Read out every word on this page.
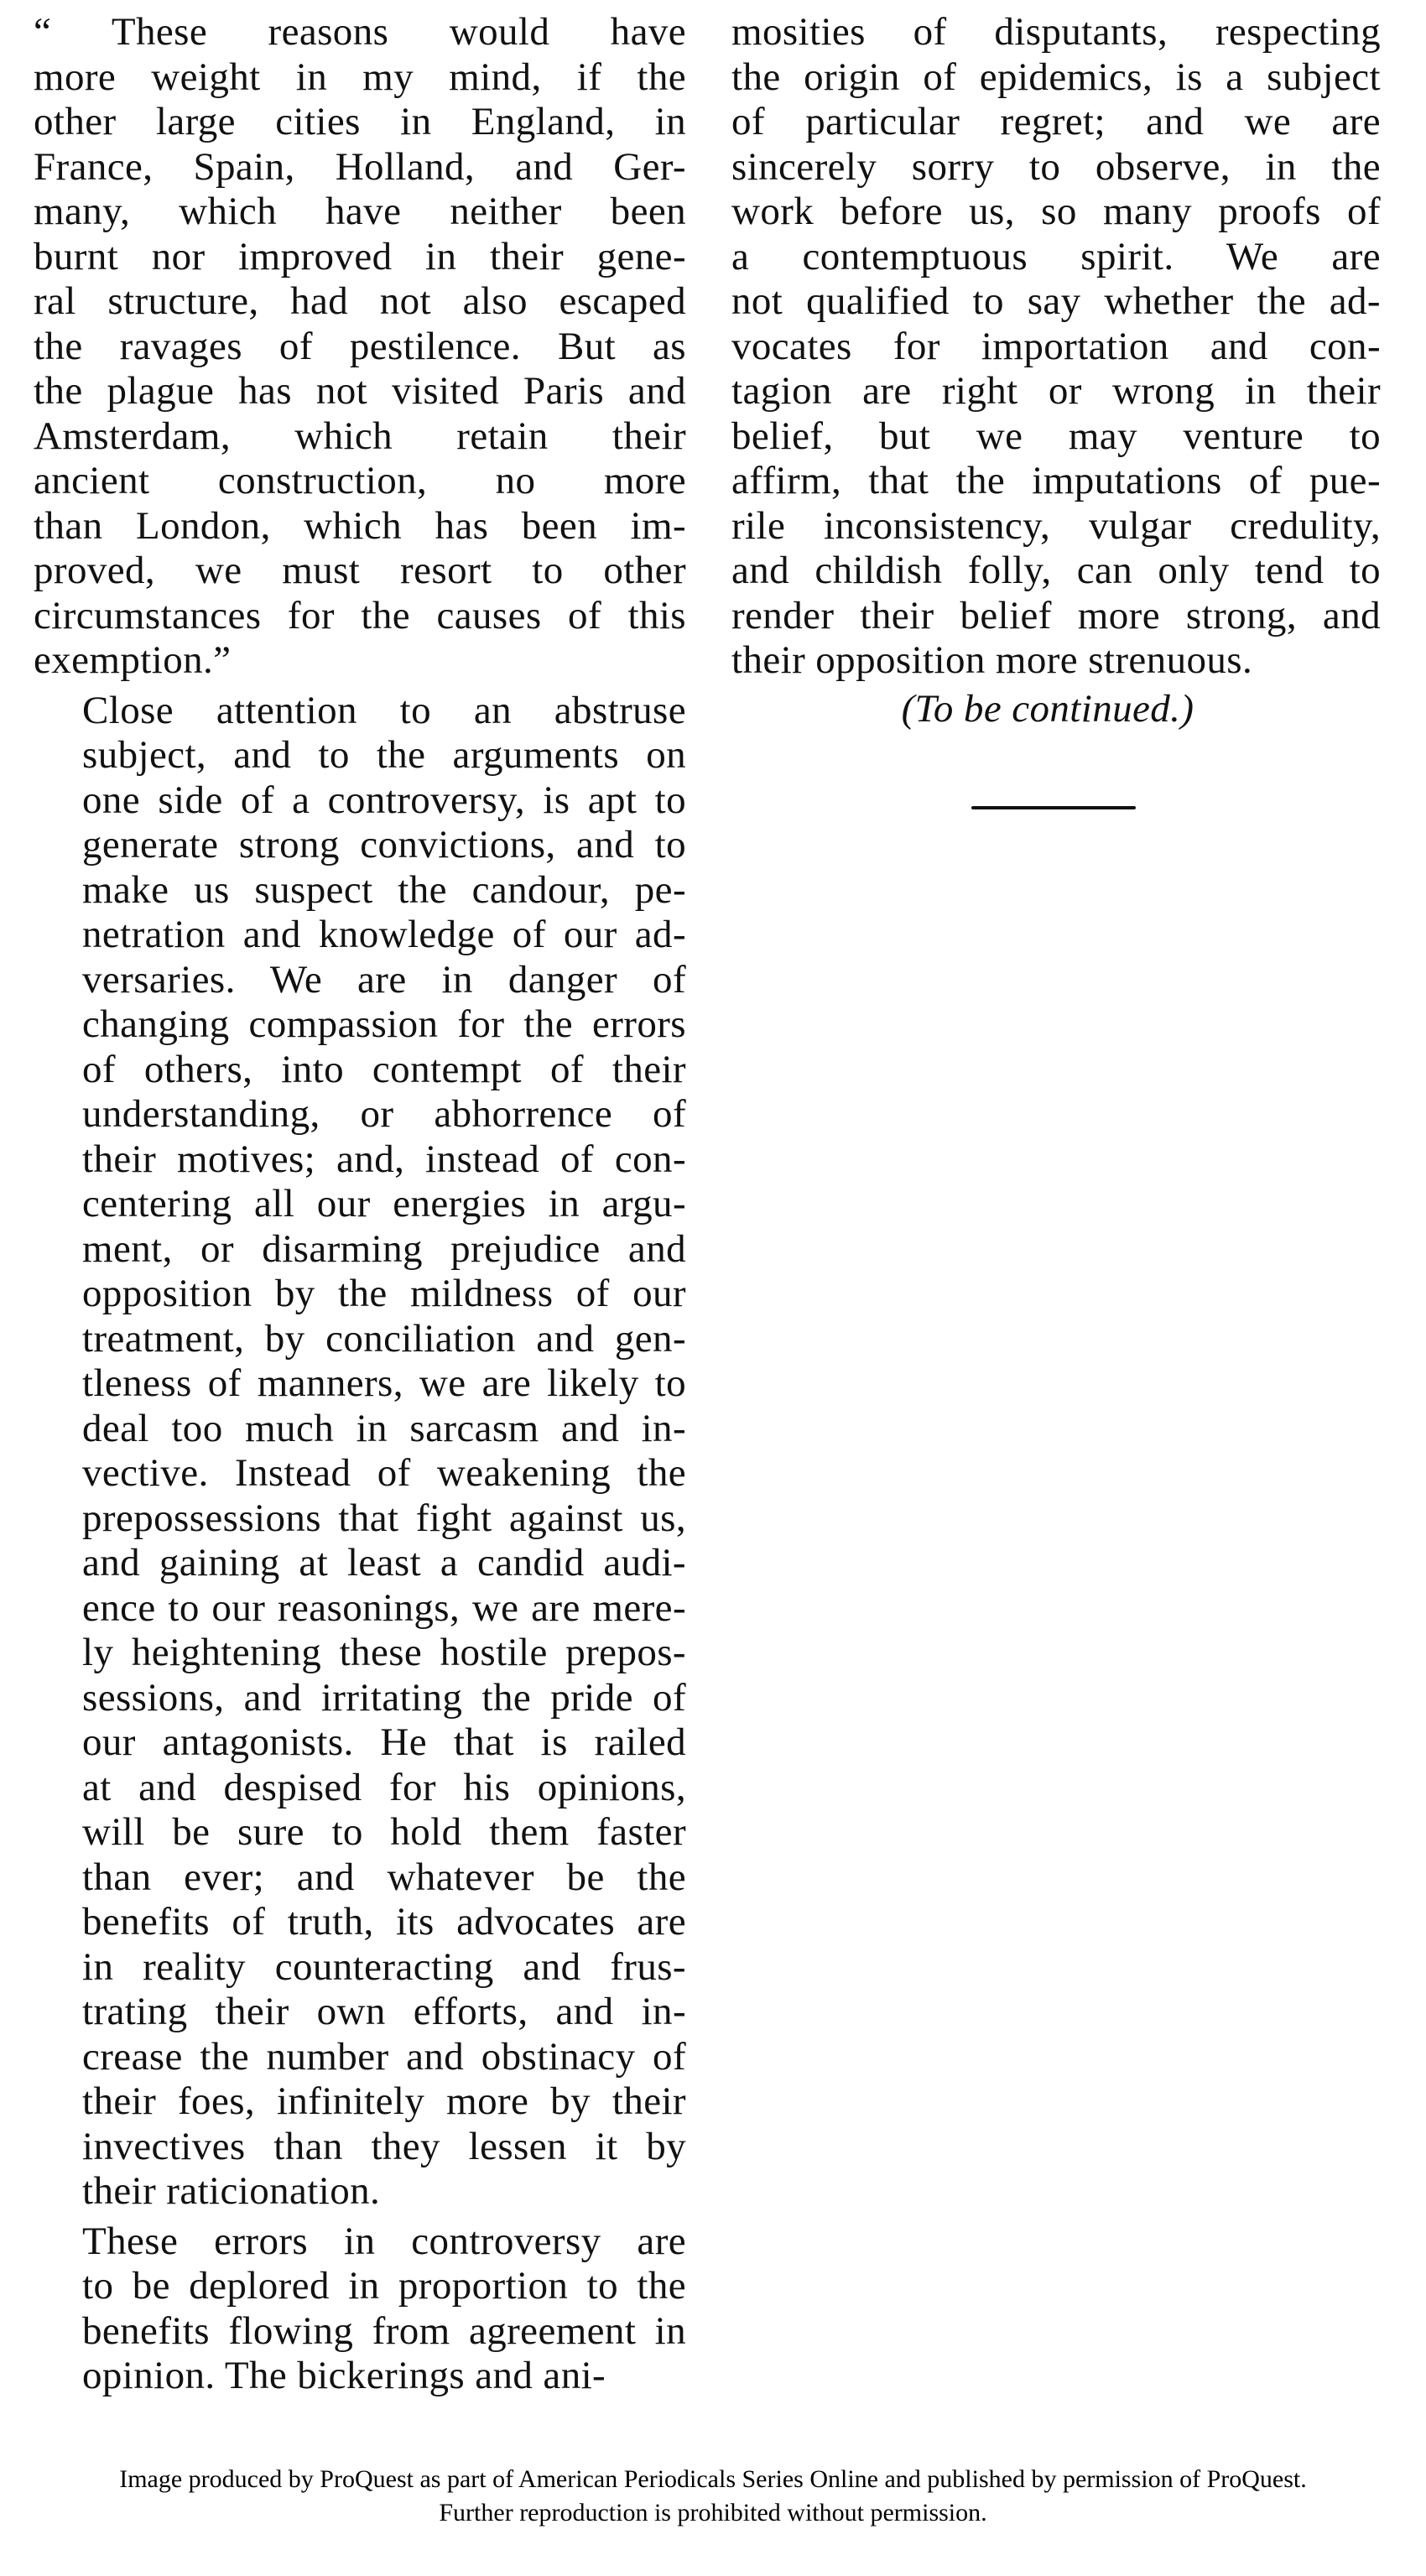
“ These reasons would have
more weight in my mind, if the
other large cities in England, in
France, Spain, Holland, and Ger-
many, which have neither been
burnt nor improved in their gene-
ral structure, had not also escaped
the ravages of pestilence. But as
the plague has not visited Paris and
Amsterdam, which retain their
ancient construction, no more
than London, which has been im-
proved, we must resort to other
circumstances for the causes of this
exemption.”
Close attention to an abstruse
subject, and to the arguments on
one side of a controversy, is apt to
generate strong convictions, and to
make us suspect the candour, pe-
netration and knowledge of our ad-
versaries. We are in danger of
changing compassion for the errors
of others, into contempt of their
understanding, or abhorrence of
their motives; and, instead of con-
centering all our energies in argu-
ment, or disarming prejudice and
opposition by the mildness of our
treatment, by conciliation and gen-
tleness of manners, we are likely to
deal too much in sarcasm and in-
vective. Instead of weakening the
prepossessions that fight against us,
and gaining at least a candid audi-
ence to our reasonings, we are mere-
ly heightening these hostile prepos-
sessions, and irritating the pride of
our antagonists. He that is railed
at and despised for his opinions,
will be sure to hold them faster
than ever; and whatever be the
benefits of truth, its advocates are
in reality counteracting and frus-
trating their own efforts, and in-
crease the number and obstinacy of
their foes, infinitely more by their
invectives than they lessen it by
their raticionation.
These errors in controversy are
to be deplored in proportion to the
benefits flowing from agreement in
opinion. The bickerings and ani-
mosities of disputants, respecting
the origin of epidemics, is a subject
of particular regret; and we are
sincerely sorry to observe, in the
work before us, so many proofs of
a contemptuous spirit. We are
not qualified to say whether the ad-
vocates for importation and con-
tagion are right or wrong in their
belief, but we may venture to
affirm, that the imputations of pue-
rile inconsistency, vulgar credulity,
and childish folly, can only tend to
render their belief more strong, and
their opposition more strenuous.
(To be continued.)
Image produced by ProQuest as part of American Periodicals Series Online and published by permission of ProQuest.
Further reproduction is prohibited without permission.
